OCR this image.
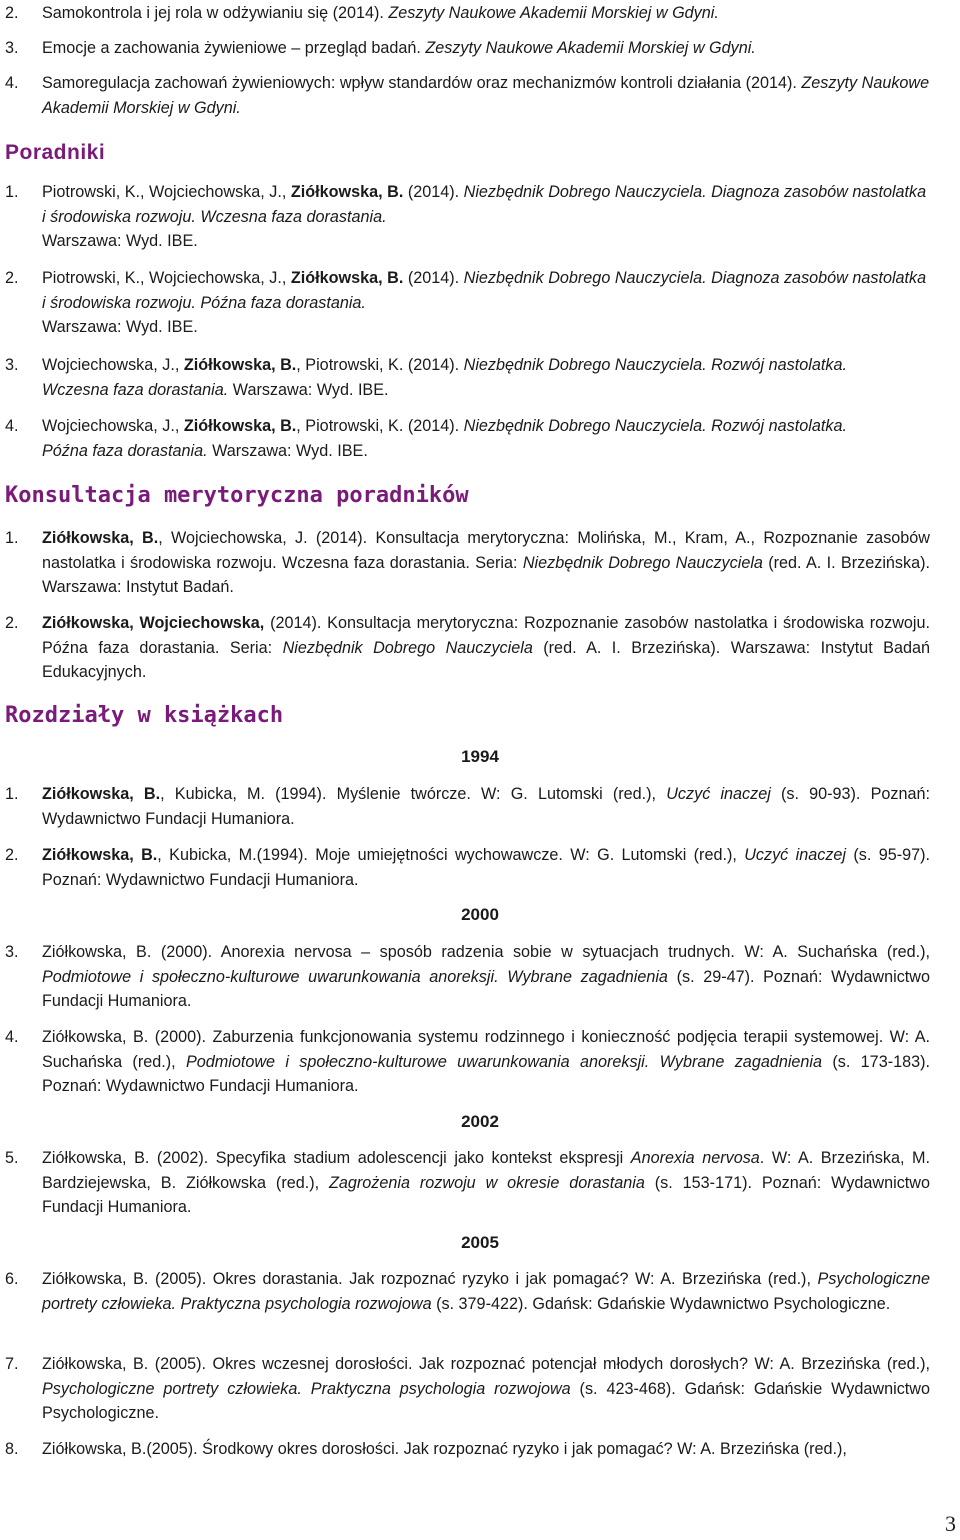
2.	Samokontrola i jej rola w odżywianiu się (2014). Zeszyty Naukowe Akademii Morskiej w Gdyni.
3.	Emocje a zachowania żywieniowe – przegląd badań. Zeszyty Naukowe Akademii Morskiej w Gdyni.
4.	Samoregulacja zachowań żywieniowych: wpływ standardów oraz mechanizmów kontroli działania (2014). Zeszyty Naukowe Akademii Morskiej w Gdyni.
Poradniki
1.	Piotrowski, K., Wojciechowska, J., Ziółkowska, B. (2014). Niezbędnik Dobrego Nauczyciela. Diagnoza zasobów nastolatka i środowiska rozwoju. Wczesna faza dorastania.
Warszawa: Wyd. IBE.
2.	Piotrowski, K., Wojciechowska, J., Ziółkowska, B. (2014). Niezbędnik Dobrego Nauczyciela. Diagnoza zasobów nastolatka i środowiska rozwoju. Późna faza dorastania.
Warszawa: Wyd. IBE.
3.	Wojciechowska, J., Ziółkowska, B., Piotrowski, K. (2014). Niezbędnik Dobrego Nauczyciela. Rozwój nastolatka.
Wczesna faza dorastania. Warszawa: Wyd. IBE.
4.	Wojciechowska, J., Ziółkowska, B., Piotrowski, K. (2014). Niezbędnik Dobrego Nauczyciela. Rozwój nastolatka.
Późna faza dorastania. Warszawa: Wyd. IBE.
Konsultacja merytoryczna poradników
1.	Ziółkowska, B., Wojciechowska, J. (2014). Konsultacja merytoryczna: Molińska, M., Kram, A., Rozpoznanie zasobów nastolatka i środowiska rozwoju. Wczesna faza dorastania. Seria: Niezbędnik Dobrego Nauczyciela (red. A. I. Brzezińska). Warszawa: Instytut Badań.
2.	Ziółkowska, Wojciechowska, (2014). Konsultacja merytoryczna: Rozpoznanie zasobów nastolatka i środowiska rozwoju. Późna faza dorastania. Seria: Niezbędnik Dobrego Nauczyciela (red. A. I. Brzezińska). Warszawa: Instytut Badań Edukacyjnych.
Rozdziały w książkach
1994
1.	Ziółkowska, B., Kubicka, M. (1994). Myślenie twórcze. W: G. Lutomski (red.), Uczyć inaczej (s. 90-93). Poznań: Wydawnictwo Fundacji Humaniora.
2.	Ziółkowska, B., Kubicka, M.(1994). Moje umiejętności wychowawcze. W: G. Lutomski (red.), Uczyć inaczej (s. 95-97). Poznań: Wydawnictwo Fundacji Humaniora.
2000
3.	Ziółkowska, B. (2000). Anorexia nervosa – sposób radzenia sobie w sytuacjach trudnych. W: A. Suchańska (red.), Podmiotowe i społeczno-kulturowe uwarunkowania anoreksji. Wybrane zagadnienia (s. 29-47). Poznań: Wydawnictwo Fundacji Humaniora.
4.	Ziółkowska, B. (2000). Zaburzenia funkcjonowania systemu rodzinnego i konieczność podjęcia terapii systemowej. W: A. Suchańska (red.), Podmiotowe i społeczno-kulturowe uwarunkowania anoreksji. Wybrane zagadnienia (s. 173-183). Poznań: Wydawnictwo Fundacji Humaniora.
2002
5.	Ziółkowska, B. (2002). Specyfika stadium adolescencji jako kontekst ekspresji Anorexia nervosa. W: A. Brzezińska, M. Bardziejewska, B. Ziółkowska (red.), Zagrożenia rozwoju w okresie dorastania (s. 153-171). Poznań: Wydawnictwo Fundacji Humaniora.
2005
6.	Ziółkowska, B. (2005). Okres dorastania. Jak rozpoznać ryzyko i jak pomagać? W: A. Brzezińska (red.), Psychologiczne portrety człowieka. Praktyczna psychologia rozwojowa (s. 379-422). Gdańsk: Gdańskie Wydawnictwo Psychologiczne.
7.	Ziółkowska, B. (2005). Okres wczesnej dorosłości. Jak rozpoznać potencjał młodych dorosłych? W: A. Brzezińska (red.), Psychologiczne portrety człowieka. Praktyczna psychologia rozwojowa (s. 423-468). Gdańsk: Gdańskie Wydawnictwo Psychologiczne.
8.	Ziółkowska, B.(2005). Środkowy okres dorosłości. Jak rozpoznać ryzyko i jak pomagać? W: A. Brzezińska (red.),
3
